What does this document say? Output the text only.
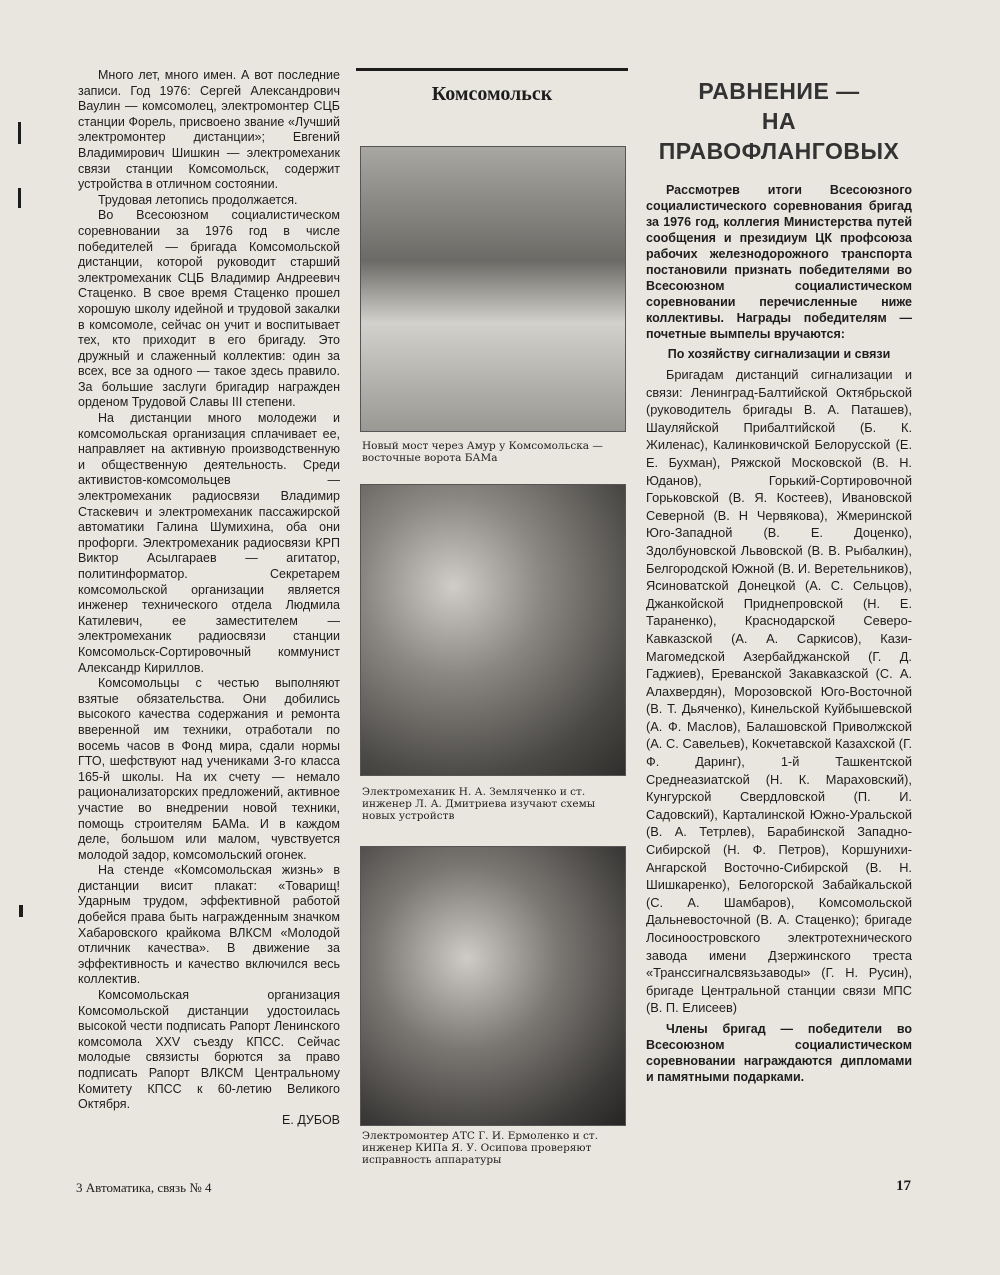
Много лет, много имен. А вот последние записи. Год 1976: Сергей Александрович Ваулин — комсомолец, электромонтер СЦБ станции Форель, присвоено звание «Лучший электромонтер дистанции»; Евгений Владимирович Шишкин — электромеханик связи станции Комсомольск, содержит устройства в отличном состоянии.

Трудовая летопись продолжается.

Во Всесоюзном социалистическом соревновании за 1976 год в числе победителей — бригада Комсомольской дистанции, которой руководит старший электромеханик СЦБ Владимир Андреевич Стаценко. В свое время Стаценко прошел хорошую школу идейной и трудовой закалки в комсомоле, сейчас он учит и воспитывает тех, кто приходит в его бригаду. Это дружный и слаженный коллектив: один за всех, все за одного — такое здесь правило. За большие заслуги бригадир награжден орденом Трудовой Славы III степени.

На дистанции много молодежи и комсомольская организация сплачивает ее, направляет на активную производственную и общественную деятельность. Среди активистов-комсомольцев — электромеханик радиосвязи Владимир Стаскевич и электромеханик пассажирской автоматики Галина Шумихина, оба они профорги. Электромеханик радиосвязи КРП Виктор Асылгараев — агитатор, политинформатор. Секретарем комсомольской организации является инженер технического отдела Людмила Катилевич, ее заместителем — электромеханик радиосвязи станции Комсомольск-Сортировочный коммунист Александр Кириллов.

Комсомольцы с честью выполняют взятые обязательства. Они добились высокого качества содержания и ремонта вверенной им техники, отработали по восемь часов в Фонд мира, сдали нормы ГТО, шефствуют над учениками 3-го класса 165-й школы. На их счету — немало рационализаторских предложений, активное участие во внедрении новой техники, помощь строителям БАМа. И в каждом деле, большом или малом, чувствуется молодой задор, комсомольский огонек.

На стенде «Комсомольская жизнь» в дистанции висит плакат: «Товарищ! Ударным трудом, эффективной работой добейся права быть награжденным значком Хабаровского крайкома ВЛКСМ «Молодой отличник качества». В движение за эффективность и качество включился весь коллектив.

Комсомольская организация Комсомольской дистанции удостоилась высокой чести подписать Рапорт Ленинского комсомола XXV съезду КПСС. Сейчас молодые связисты борются за право подписать Рапорт ВЛКСМ Центральному Комитету КПСС к 60-летию Великого Октября.

Е. ДУБОВ

Комсомольск
Новый мост через Амур у Комсомольска — восточные ворота БАМа
Электромеханик Н. А. Земляченко и ст. инженер Л. А. Дмитриева изучают схемы новых устройств
Электромонтер АТС Г. И. Ермоленко и ст. инженер КИПа Я. У. Осипова проверяют исправность аппаратуры
РАВНЕНИЕ —
НА ПРАВОФЛАНГОВЫХ

Рассмотрев итоги Всесоюзного социалистического соревнования бригад за 1976 год, коллегия Министерства путей сообщения и президиум ЦК профсоюза рабочих железнодорожного транспорта постановили признать победителями во Всесоюзном социалистическом соревновании перечисленные ниже коллективы. Награды победителям — почетные вымпелы вручаются:

По хозяйству сигнализации и связи

Бригадам дистанций сигнализации и связи: Ленинград-Балтийской Октябрьской (руководитель бригады В. А. Паташев), Шауляйской Прибалтийской (Б. К. Жиленас), Калинковичской Белорусской (Е. Е. Бухман), Ряжской Московской (В. Н. Юданов), Горький-Сортировочной Горьковской (В. Я. Костеев), Ивановской Северной (В. Н Червякова), Жмеринской Юго-Западной (В. Е. Доценко), Здолбуновской Львовской (В. В. Рыбалкин), Белгородской Южной (В. И. Веретельников), Ясиноватской Донецкой (А. С. Сельцов), Джанкойской Приднепровской (Н. Е. Тараненко), Краснодарской Северо-Кавказской (А. А. Саркисов), Кази-Магомедской Азербайджанской (Г. Д. Гаджиев), Ереванской Закавказской (С. А. Алахвердян), Морозовской Юго-Восточной (В. Т. Дьяченко), Кинельской Куйбышевской (А. Ф. Маслов), Балашовской Приволжской (А. С. Савельев), Кокчетавской Казахской (Г. Ф. Даринг), 1-й Ташкентской Среднеазиатской (Н. К. Мараховский), Кунгурской Свердловской (П. И. Садовский), Карталинской Южно-Уральской (В. А. Тетрлев), Барабинской Западно-Сибирской (Н. Ф. Петров), Коршунихи-Ангарской Восточно-Сибирской (В. Н. Шишкаренко), Белогорской Забайкальской (С. А. Шамбаров), Комсомольской Дальневосточной (В. А. Стаценко); бригаде Лосиноостровского электротехнического завода имени Дзержинского треста «Транссигналсвязьзаводы» (Г. Н. Русин), бригаде Центральной станции связи МПС (В. П. Елисеев)

Члены бригад — победители во Всесоюзном социалистическом соревновании награждаются дипломами и памятными подарками.

3 Автоматика, связь № 4	17
